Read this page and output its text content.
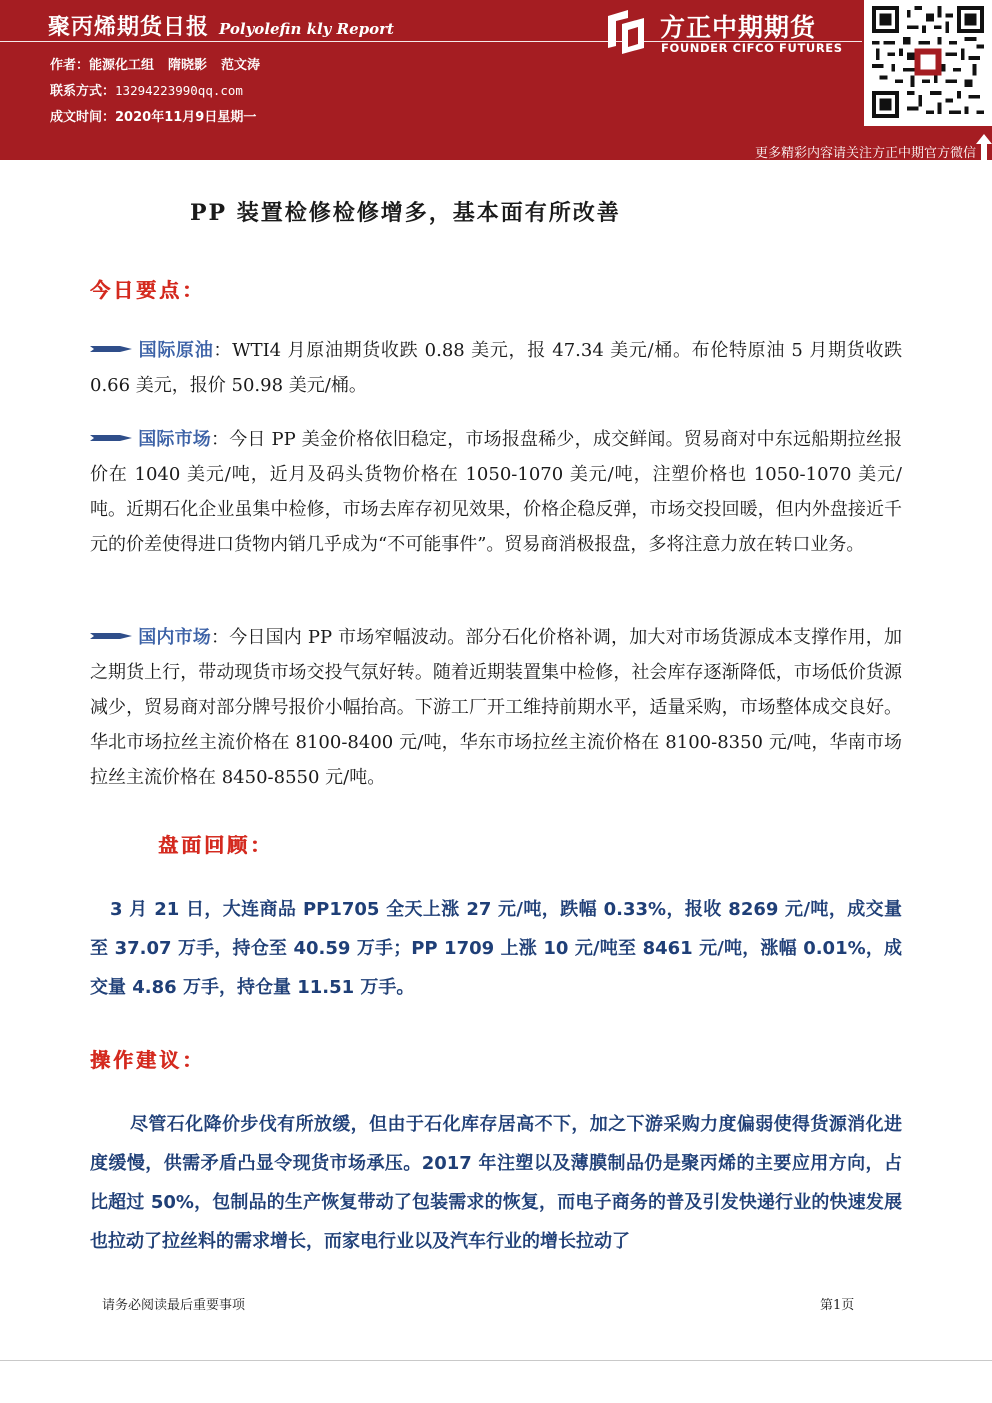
聚丙烯期货日报 Polyolefin kly Report
作者：能源化工组 隋晓影 范文涛
联系方式：13294223990qq.com
成文时间：2020年11月9日星期一
方正中期期货
FOUNDER CIFCO FUTURES
更多精彩内容请关注方正中期官方微信
PP 装置检修检修增多，基本面有所改善
今日要点：
国际原油：WTI4 月原油期货收跌 0.88 美元，报 47.34 美元/桶。布伦特原油 5 月期货收跌 0.66 美元，报价 50.98 美元/桶。
国际市场：今日 PP 美金价格依旧稳定，市场报盘稀少，成交鲜闻。贸易商对中东远船期拉丝报价在 1040 美元/吨，近月及码头货物价格在 1050-1070 美元/吨，注塑价格也 1050-1070 美元/吨。近期石化企业虽集中检修，市场去库存初见效果，价格企稳反弹，市场交投回暖，但内外盘接近千元的价差使得进口货物内销几乎成为“不可能事件”。贸易商消极报盘，多将注意力放在转口业务。
国内市场：今日国内 PP 市场窄幅波动。部分石化价格补调，加大对市场货源成本支撑作用，加之期货上行，带动现货市场交投气氛好转。随着近期装置集中检修，社会库存逐渐降低，市场低价货源减少，贸易商对部分牌号报价小幅抬高。下游工厂开工维持前期水平，适量采购，市场整体成交良好。华北市场拉丝主流价格在 8100-8400 元/吨，华东市场拉丝主流价格在 8100-8350 元/吨，华南市场拉丝主流价格在 8450-8550 元/吨。
盘面回顾：
3 月 21 日，大连商品 PP1705 全天上涨 27 元/吨，跌幅 0.33%，报收 8269 元/吨，成交量至 37.07 万手，持仓至 40.59 万手；PP 1709 上涨 10 元/吨至 8461 元/吨，涨幅 0.01%，成交量 4.86 万手，持仓量 11.51 万手。
操作建议：
尽管石化降价步伐有所放缓，但由于石化库存居高不下，加之下游采购力度偏弱使得货源消化进度缓慢，供需矛盾凸显令现货市场承压。2017 年注塑以及薄膜制品仍是聚丙烯的主要应用方向，占比超过 50%，包制品的生产恢复带动了包装需求的恢复，而电子商务的普及引发快递行业的快速发展也拉动了拉丝料的需求增长，而家电行业以及汽车行业的增长拉动了
请务必阅读最后重要事项	第1页
